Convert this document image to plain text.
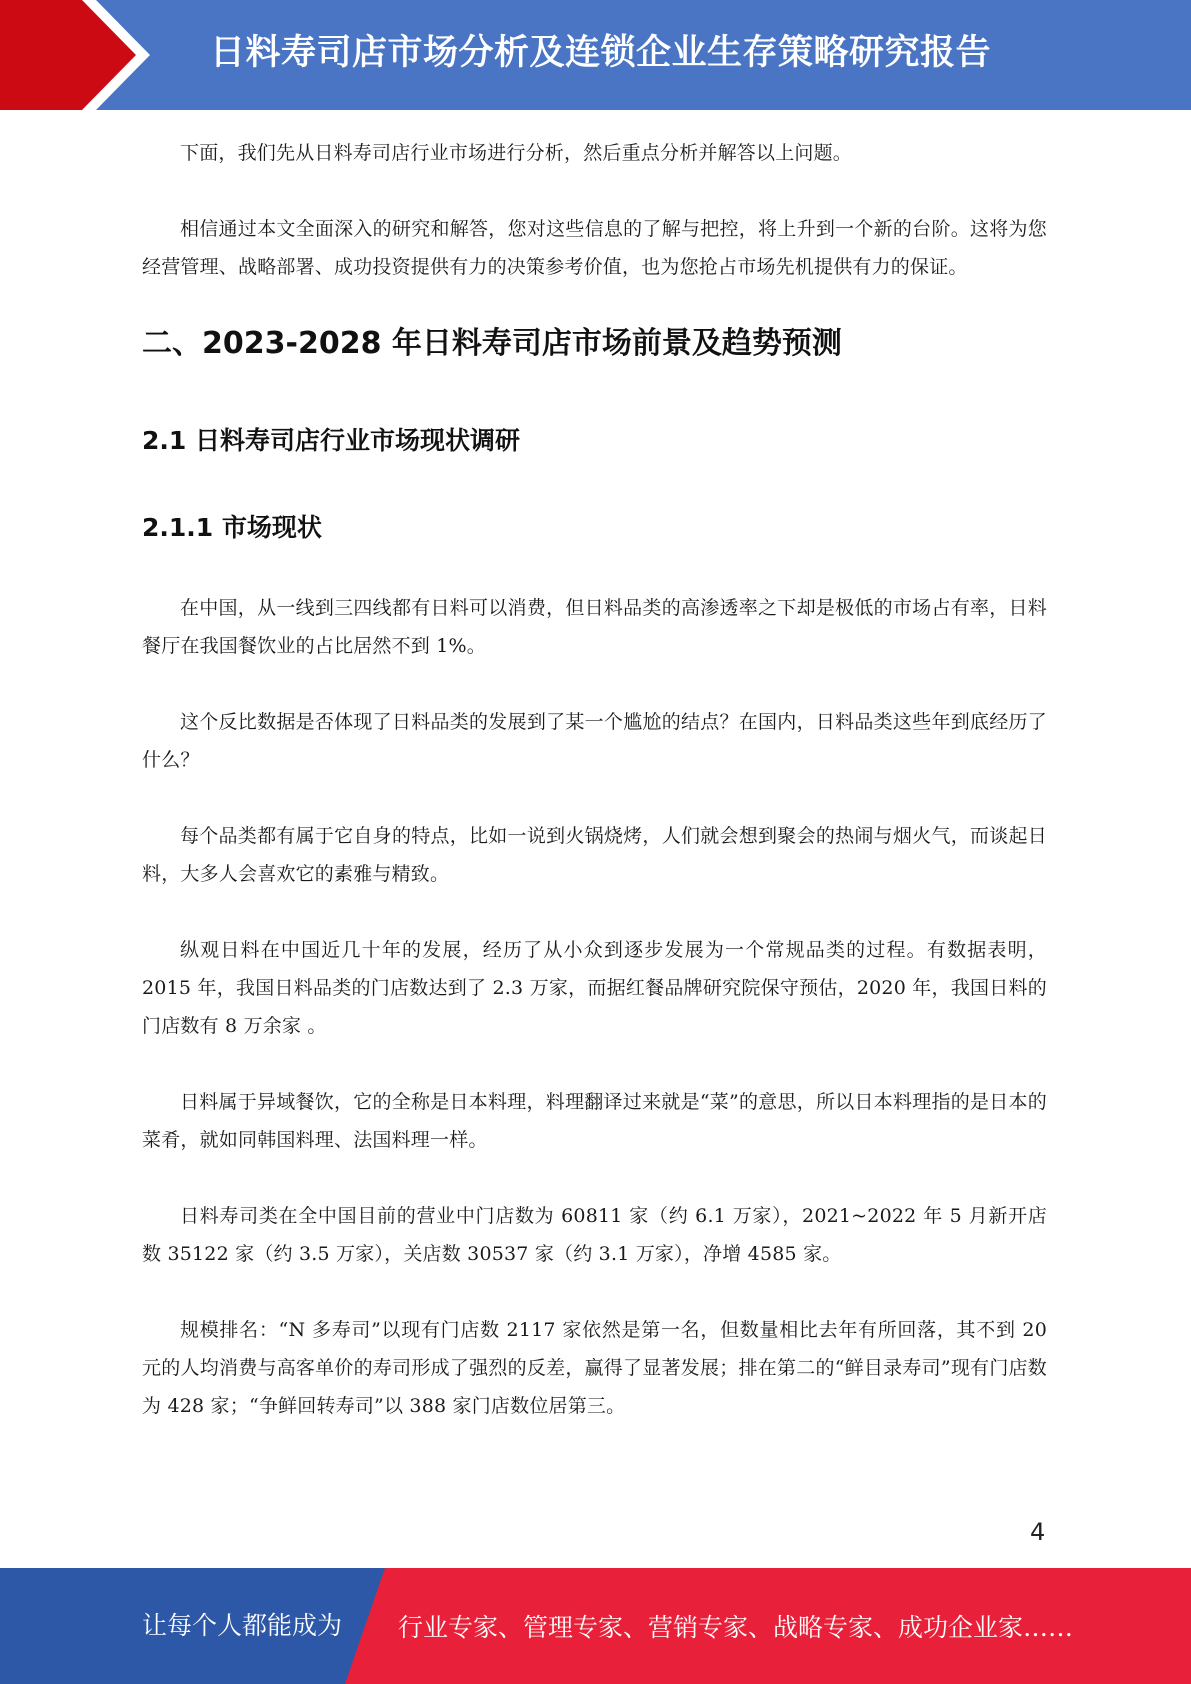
日料寿司店市场分析及连锁企业生存策略研究报告

下面，我们先从日料寿司店行业市场进行分析，然后重点分析并解答以上问题。

相信通过本文全面深入的研究和解答，您对这些信息的了解与把控，将上升到一个新的台阶。这将为您经营管理、战略部署、成功投资提供有力的决策参考价值，也为您抢占市场先机提供有力的保证。

二、2023-2028 年日料寿司店市场前景及趋势预测
2.1 日料寿司店行业市场现状调研
2.1.1 市场现状

在中国，从一线到三四线都有日料可以消费，但日料品类的高渗透率之下却是极低的市场占有率，日料餐厅在我国餐饮业的占比居然不到 1%。

这个反比数据是否体现了日料品类的发展到了某一个尴尬的结点？在国内，日料品类这些年到底经历了什么？

每个品类都有属于它自身的特点，比如一说到火锅烧烤，人们就会想到聚会的热闹与烟火气，而谈起日料，大多人会喜欢它的素雅与精致。

纵观日料在中国近几十年的发展，经历了从小众到逐步发展为一个常规品类的过程。有数据表明，2015 年，我国日料品类的门店数达到了 2.3 万家，而据红餐品牌研究院保守预估，2020 年，我国日料的门店数有 8 万余家 。

日料属于异域餐饮，它的全称是日本料理，料理翻译过来就是“菜”的意思，所以日本料理指的是日本的菜肴，就如同韩国料理、法国料理一样。

日料寿司类在全中国目前的营业中门店数为 60811 家（约 6.1 万家），2021~2022 年 5 月新开店数 35122 家（约 3.5 万家），关店数 30537 家（约 3.1 万家），净增 4585 家。

规模排名：“N 多寿司”以现有门店数 2117 家依然是第一名，但数量相比去年有所回落，其不到 20 元的人均消费与高客单价的寿司形成了强烈的反差，赢得了显著发展；排在第二的“鲜目录寿司”现有门店数为 428 家；“争鲜回转寿司”以 388 家门店数位居第三。

4
让每个人都能成为 行业专家、管理专家、营销专家、战略专家、成功企业家……
